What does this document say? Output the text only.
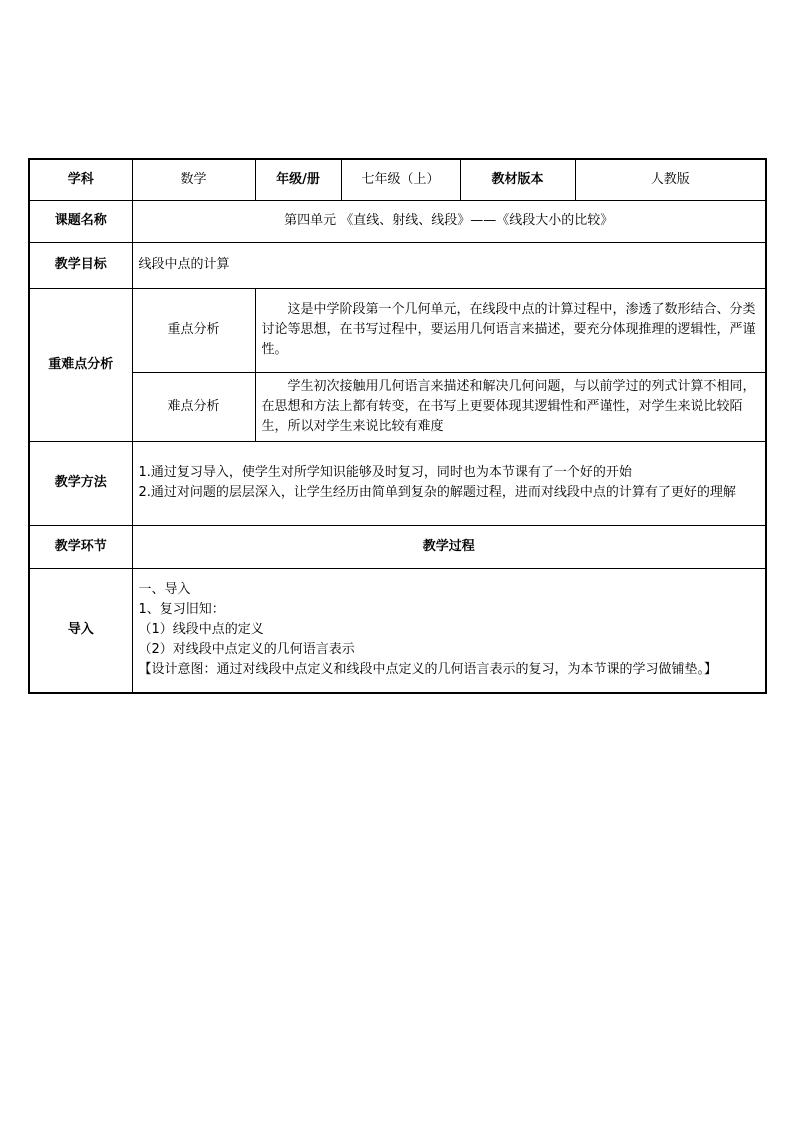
学科	数学	年级/册	七年级（上）	教材版本	人教版
课题名称	第四单元 《直线、射线、线段》——《线段大小的比较》				
教学目标	线段中点的计算				
重难点分析	重点分析	这是中学阶段第一个几何单元，在线段中点的计算过程中，渗透了数形结合、分类讨论等思想，在书写过程中，要运用几何语言来描述，要充分体现推理的逻辑性，严谨性。			

	难点分析	学生初次接触用几何语言来描述和解决几何问题，与以前学过的列式计算不相同，在思想和方法上都有转变，在书写上更要体现其逻辑性和严谨性，对学生来说比较陌生，所以对学生来说比较有难度			

教学方法	1.通过复习导入，使学生对所学知识能够及时复习，同时也为本节课有了一个好的开始

2.通过对问题的层层深入，让学生经历由简单到复杂的解题过程，进而对线段中点的计算有了更好的理解				

教学环节	教学过程				
导入	一、导入

1、复习旧知：

（1）线段中点的定义

（2）对线段中点定义的几何语言表示

【设计意图：通过对线段中点定义和线段中点定义的几何语言表示的复习，为本节课的学习做铺垫。】				
